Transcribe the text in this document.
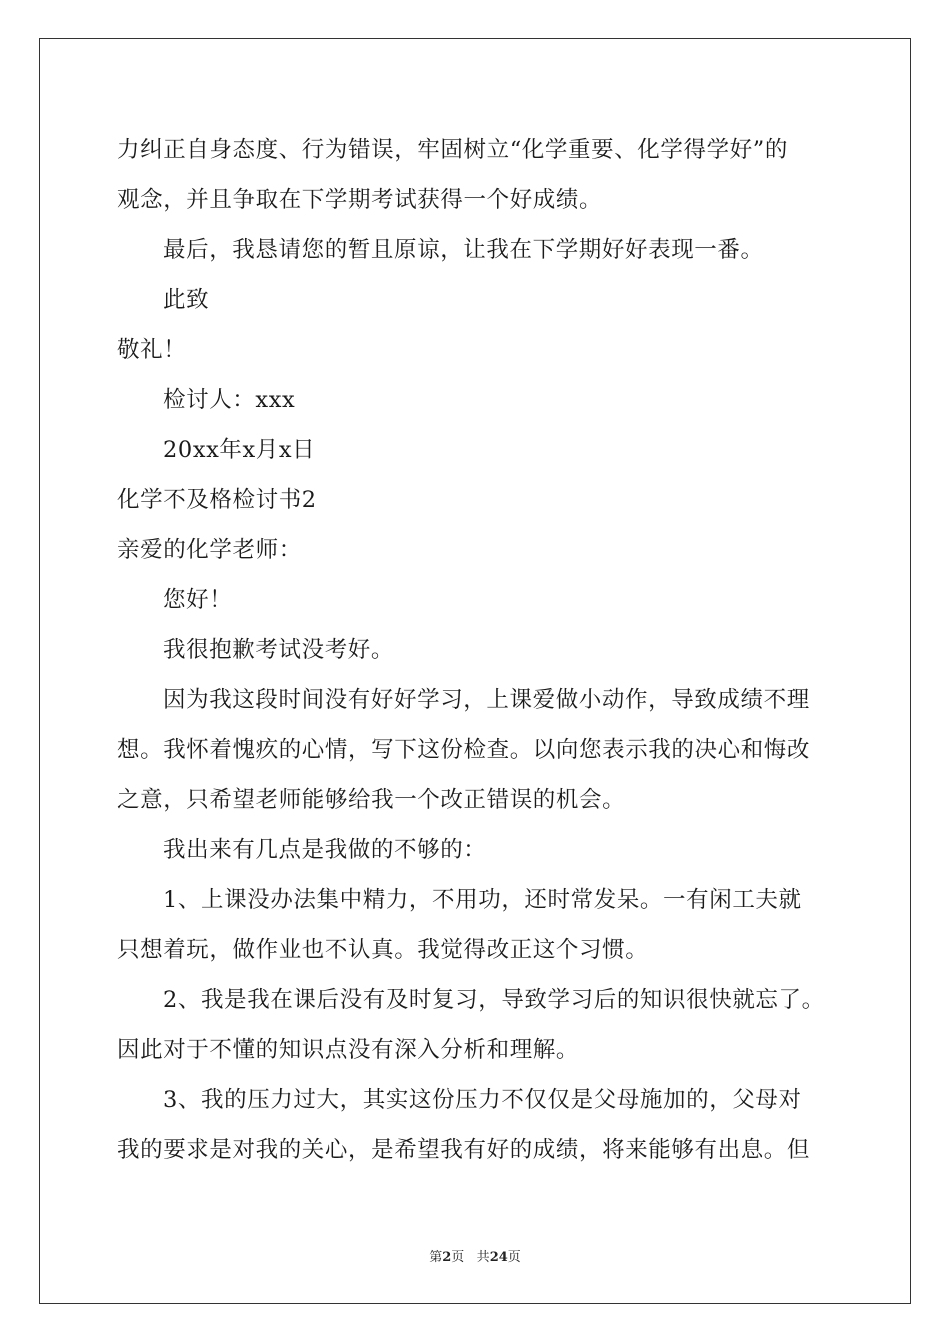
力纠正自身态度、行为错误，牢固树立“化学重要、化学得学好”的
观念，并且争取在下学期考试获得一个好成绩。
最后，我恳请您的暂且原谅，让我在下学期好好表现一番。
此致
敬礼！
检讨人：xxx
20xx年x月x日
化学不及格检讨书2
亲爱的化学老师：
您好！
我很抱歉考试没考好。
因为我这段时间没有好好学习，上课爱做小动作，导致成绩不理
想。我怀着愧疚的心情，写下这份检查。以向您表示我的决心和悔改
之意，只希望老师能够给我一个改正错误的机会。
我出来有几点是我做的不够的：
1、上课没办法集中精力，不用功，还时常发呆。一有闲工夫就
只想着玩，做作业也不认真。我觉得改正这个习惯。
2、我是我在课后没有及时复习，导致学习后的知识很快就忘了。
因此对于不懂的知识点没有深入分析和理解。
3、我的压力过大，其实这份压力不仅仅是父母施加的，父母对
我的要求是对我的关心，是希望我有好的成绩，将来能够有出息。但
第2页 共24页
